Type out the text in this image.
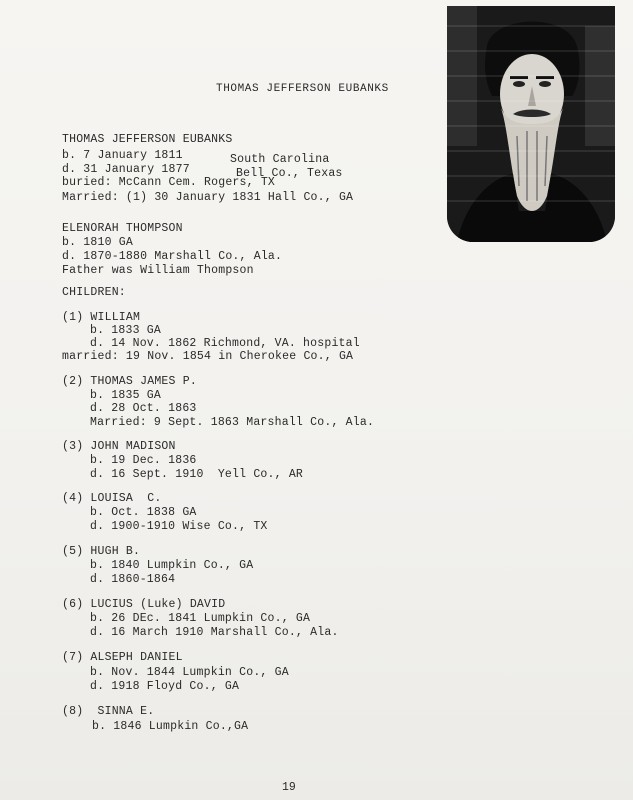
THOMAS JEFFERSON EUBANKS
THOMAS JEFFERSON EUBANKS
b. 7 January 1811	South Carolina
d. 31 January 1877	Bell Co., Texas
buried: McCann Cem. Rogers, TX
Married: (1) 30 January 1831 Hall Co., GA
ELENORAH THOMPSON
b. 1810 GA
d. 1870-1880 Marshall Co., Ala.
Father was William Thompson
CHILDREN:
(1) WILLIAM
b. 1833 GA
d. 14 Nov. 1862 Richmond, VA. hospital
married: 19 Nov. 1854 in Cherokee Co., GA
(2) THOMAS JAMES P.
b. 1835 GA
d. 28 Oct. 1863
Married: 9 Sept. 1863 Marshall Co., Ala.
(3) JOHN MADISON
b. 19 Dec. 1836
d. 16 Sept. 1910  Yell Co., AR
(4) LOUISA  C.
b. Oct. 1838 GA
d. 1900-1910 Wise Co., TX
(5) HUGH B.
b. 1840 Lumpkin Co., GA
d. 1860-1864
(6) LUCIUS (Luke) DAVID
b. 26 DEc. 1841 Lumpkin Co., GA
d. 16 March 1910 Marshall Co., Ala.
(7) ALSEPH DANIEL
b. Nov. 1844 Lumpkin Co., GA
d. 1918 Floyd Co., GA
(8)  SINNA E.
b. 1846 Lumpkin Co.,GA
19
